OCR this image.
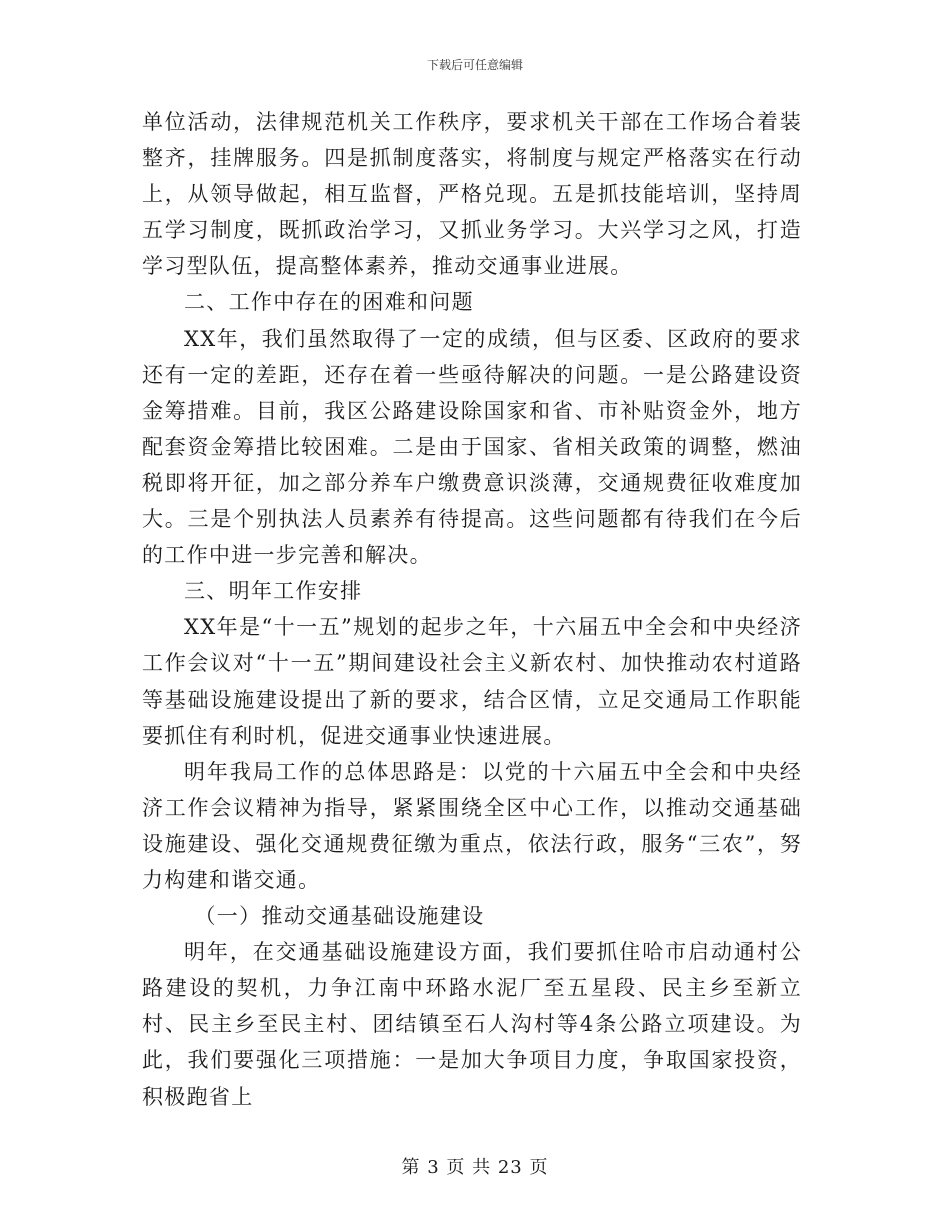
下载后可任意编辑

单位活动，法律规范机关工作秩序，要求机关干部在工作场合着装整齐，挂牌服务。四是抓制度落实，将制度与规定严格落实在行动上，从领导做起，相互监督，严格兑现。五是抓技能培训，坚持周五学习制度，既抓政治学习，又抓业务学习。大兴学习之风，打造学习型队伍，提高整体素养，推动交通事业进展。

二、工作中存在的困难和问题

XX年，我们虽然取得了一定的成绩，但与区委、区政府的要求还有一定的差距，还存在着一些亟待解决的问题。一是公路建设资金筹措难。目前，我区公路建设除国家和省、市补贴资金外，地方配套资金筹措比较困难。二是由于国家、省相关政策的调整，燃油税即将开征，加之部分养车户缴费意识淡薄，交通规费征收难度加大。三是个别执法人员素养有待提高。这些问题都有待我们在今后的工作中进一步完善和解决。

三、明年工作安排

XX年是“十一五”规划的起步之年，十六届五中全会和中央经济工作会议对“十一五”期间建设社会主义新农村、加快推动农村道路等基础设施建设提出了新的要求，结合区情，立足交通局工作职能要抓住有利时机，促进交通事业快速进展。

明年我局工作的总体思路是：以党的十六届五中全会和中央经济工作会议精神为指导，紧紧围绕全区中心工作，以推动交通基础设施建设、强化交通规费征缴为重点，依法行政，服务“三农”，努力构建和谐交通。

（一）推动交通基础设施建设

明年，在交通基础设施建设方面，我们要抓住哈市启动通村公路建设的契机，力争江南中环路水泥厂至五星段、民主乡至新立村、民主乡至民主村、团结镇至石人沟村等4条公路立项建设。为此，我们要强化三项措施：一是加大争项目力度，争取国家投资，积极跑省上

第 3 页 共 23 页
